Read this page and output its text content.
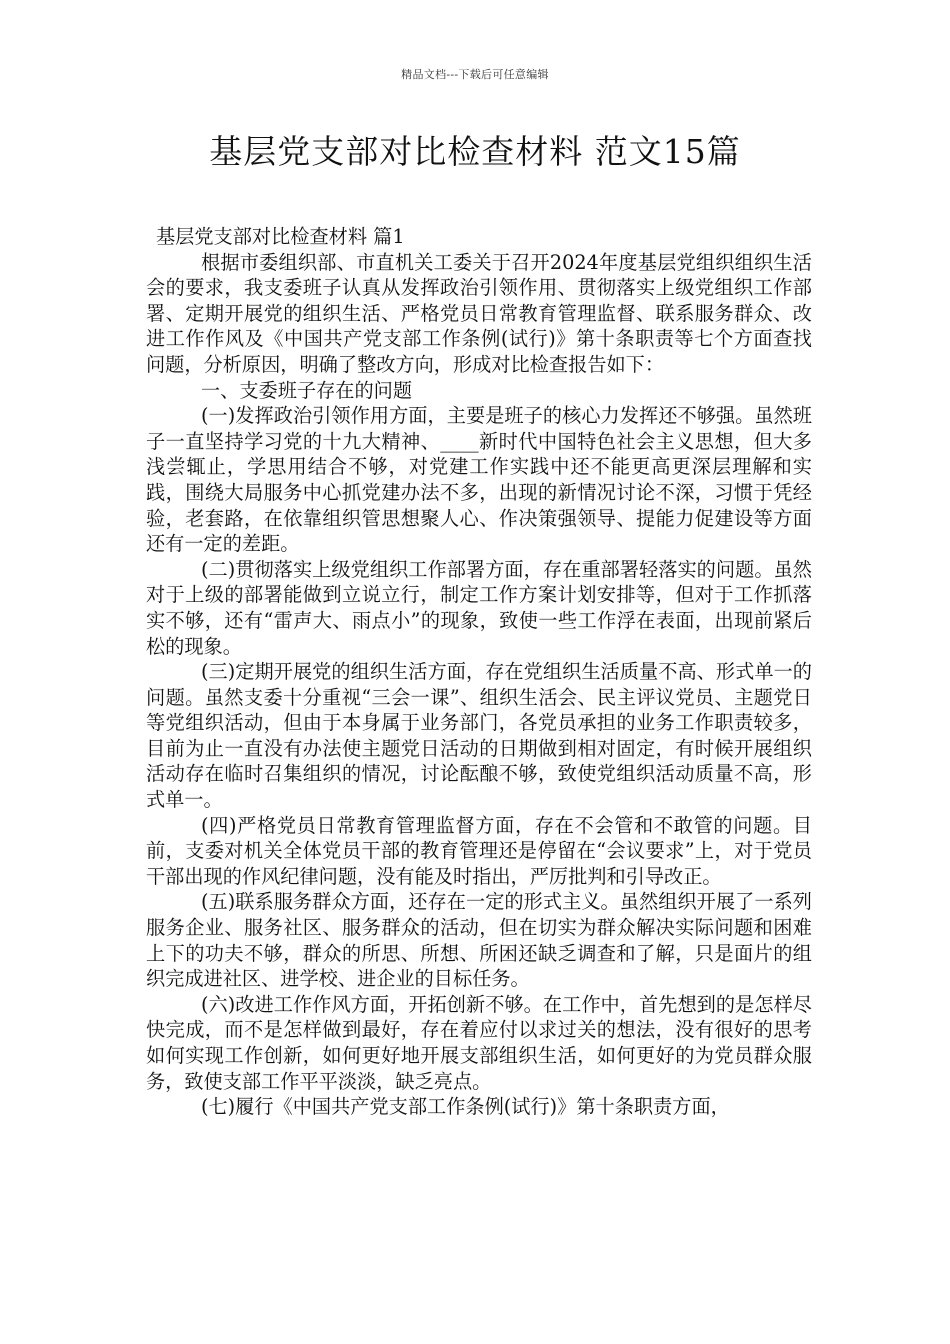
精品文档---下载后可任意编辑
基层党支部对比检查材料 范文15篇

基层党支部对比检查材料 篇1

根据市委组织部、市直机关工委关于召开2024年度基层党组织组织生活会的要求，我支委班子认真从发挥政治引领作用、贯彻落实上级党组织工作部署、定期开展党的组织生活、严格党员日常教育管理监督、联系服务群众、改进工作作风及《中国共产党支部工作条例(试行)》第十条职责等七个方面查找问题，分析原因，明确了整改方向，形成对比检查报告如下：

一、支委班子存在的问题

(一)发挥政治引领作用方面，主要是班子的核心力发挥还不够强。虽然班子一直坚持学习党的十九大精神、____新时代中国特色社会主义思想，但大多浅尝辄止，学思用结合不够，对党建工作实践中还不能更高更深层理解和实践，围绕大局服务中心抓党建办法不多，出现的新情况讨论不深，习惯于凭经验，老套路，在依靠组织管思想聚人心、作决策强领导、提能力促建设等方面还有一定的差距。

(二)贯彻落实上级党组织工作部署方面，存在重部署轻落实的问题。虽然对于上级的部署能做到立说立行，制定工作方案计划安排等，但对于工作抓落实不够，还有“雷声大、雨点小”的现象，致使一些工作浮在表面，出现前紧后松的现象。

(三)定期开展党的组织生活方面，存在党组织生活质量不高、形式单一的问题。虽然支委十分重视“三会一课”、组织生活会、民主评议党员、主题党日等党组织活动，但由于本身属于业务部门，各党员承担的业务工作职责较多，目前为止一直没有办法使主题党日活动的日期做到相对固定，有时候开展组织活动存在临时召集组织的情况，讨论酝酿不够，致使党组织活动质量不高，形式单一。

(四)严格党员日常教育管理监督方面，存在不会管和不敢管的问题。目前，支委对机关全体党员干部的教育管理还是停留在“会议要求”上，对于党员干部出现的作风纪律问题，没有能及时指出，严厉批判和引导改正。

(五)联系服务群众方面，还存在一定的形式主义。虽然组织开展了一系列服务企业、服务社区、服务群众的活动，但在切实为群众解决实际问题和困难上下的功夫不够，群众的所思、所想、所困还缺乏调查和了解，只是面片的组织完成进社区、进学校、进企业的目标任务。

(六)改进工作作风方面，开拓创新不够。在工作中，首先想到的是怎样尽快完成，而不是怎样做到最好，存在着应付以求过关的想法，没有很好的思考如何实现工作创新，如何更好地开展支部组织生活，如何更好的为党员群众服务，致使支部工作平平淡淡，缺乏亮点。

(七)履行《中国共产党支部工作条例(试行)》第十条职责方面，
